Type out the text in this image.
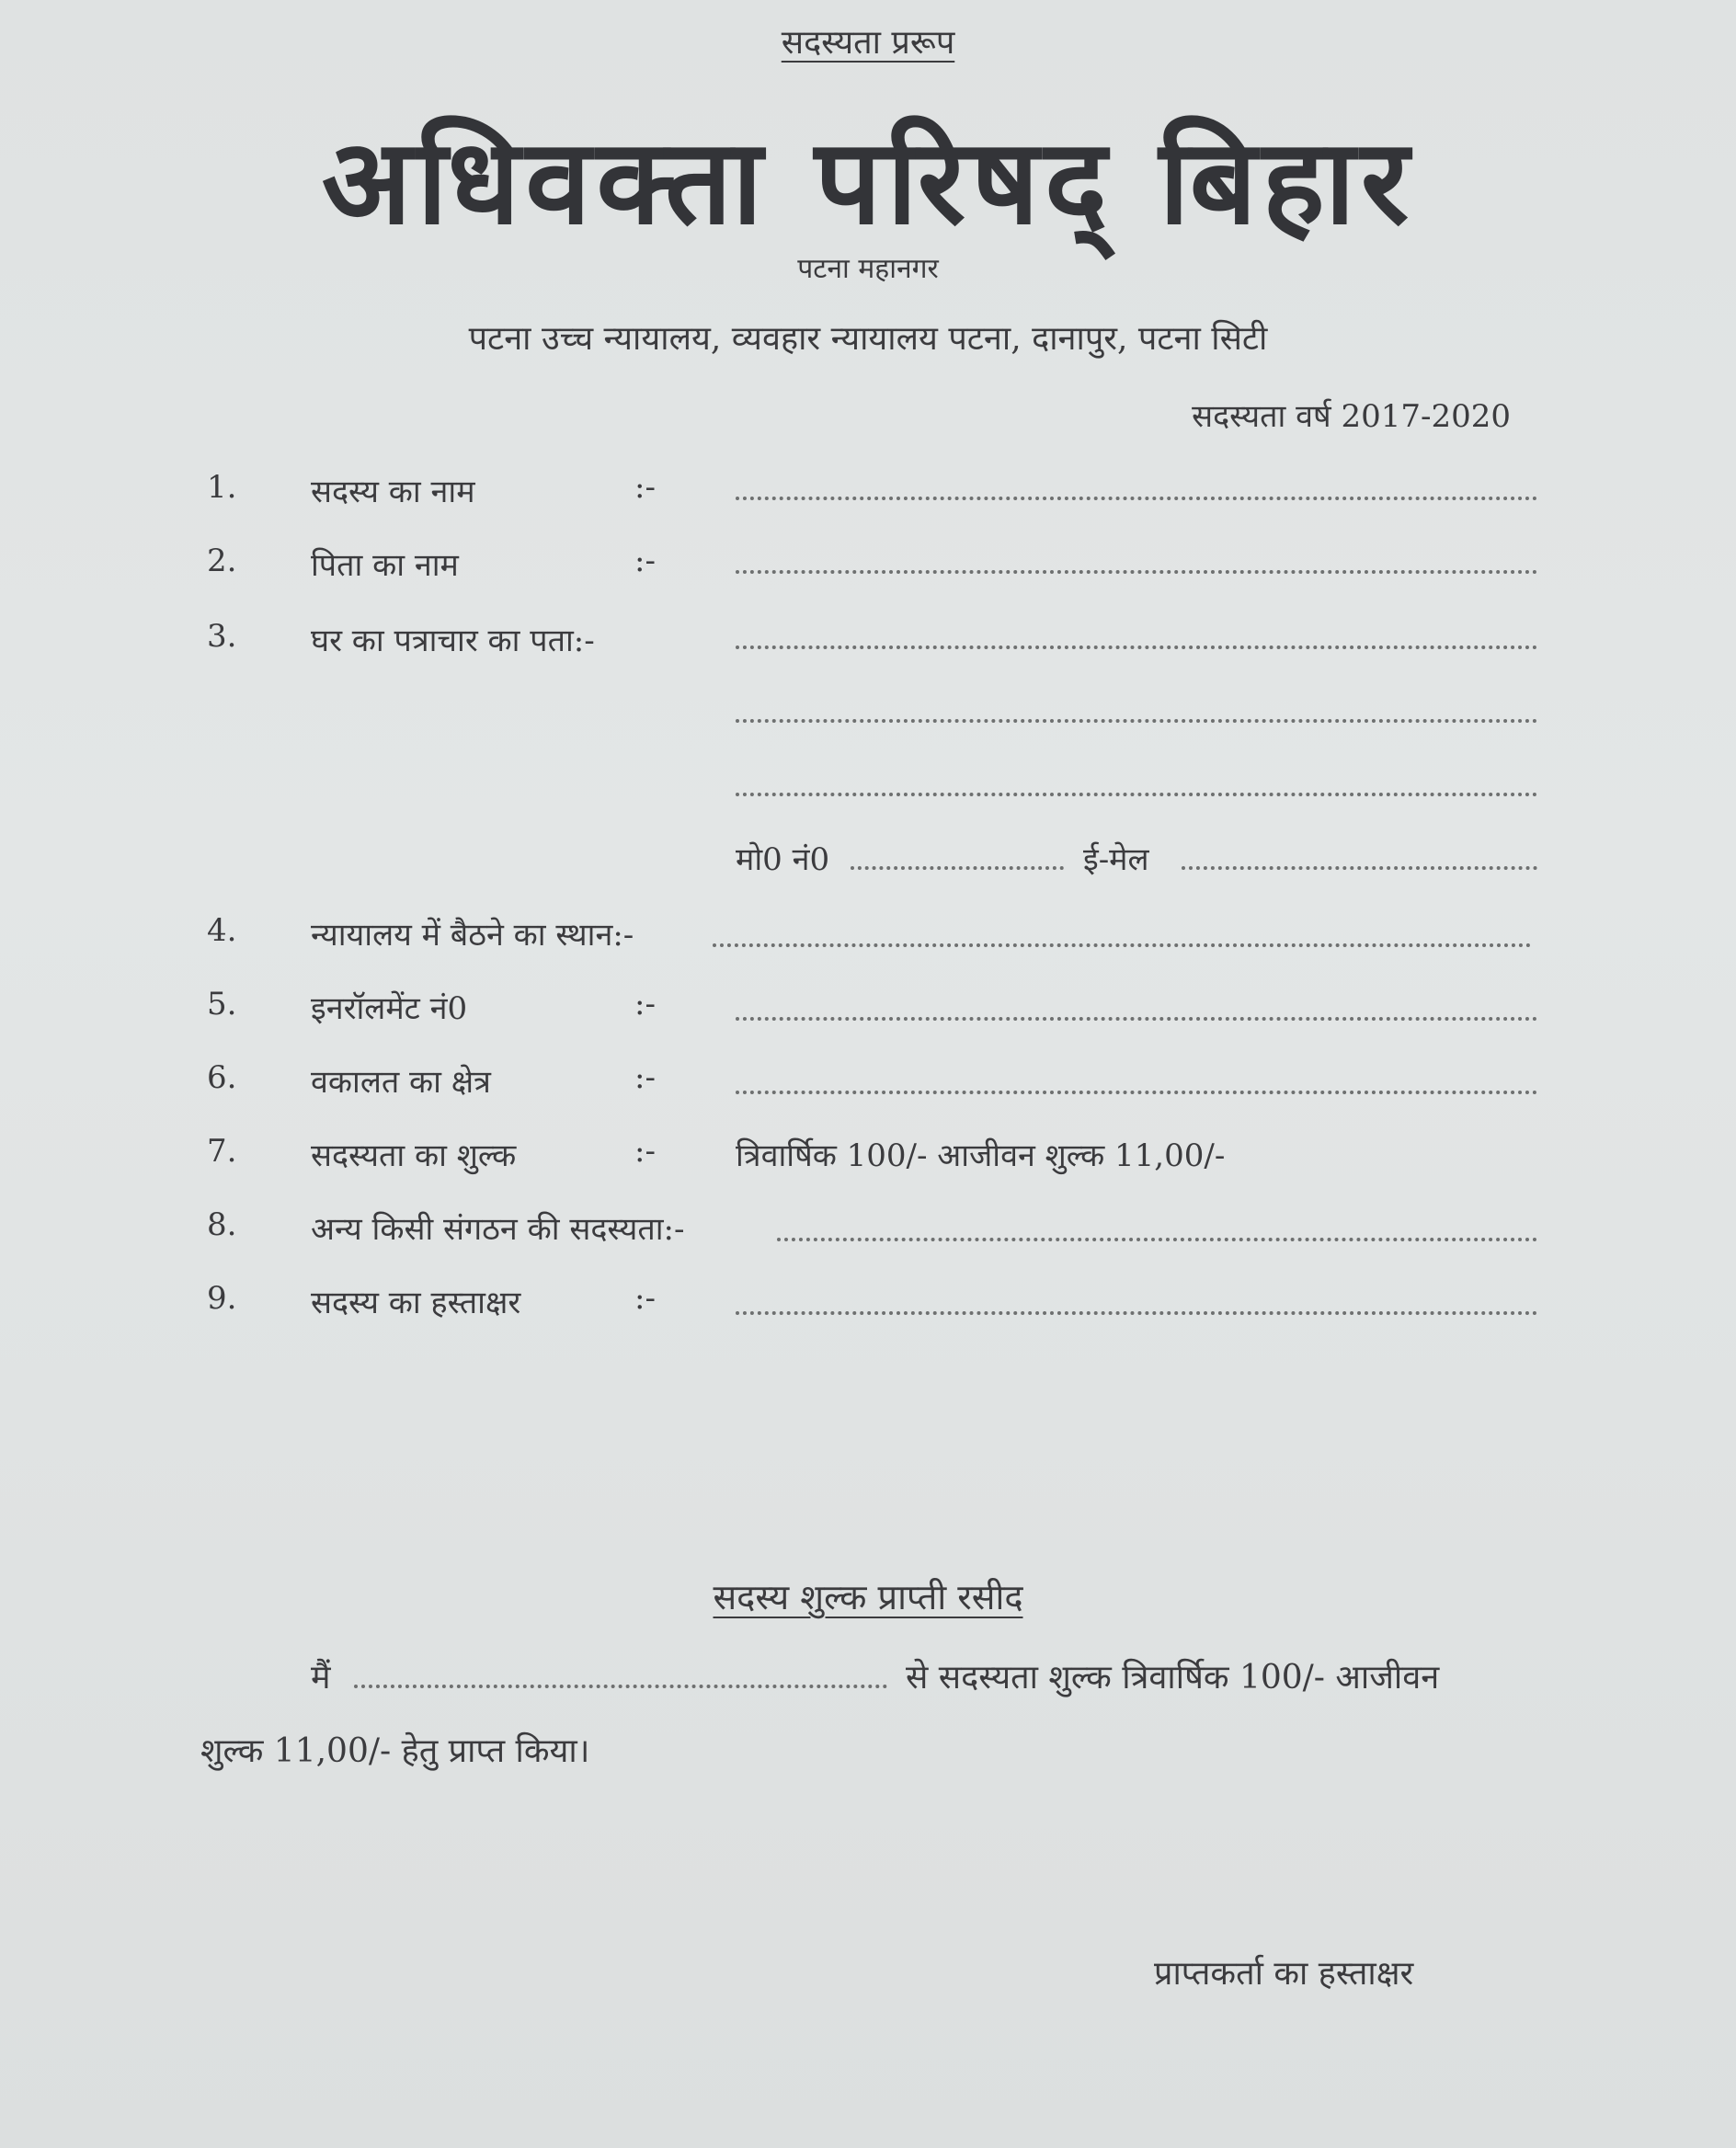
सदस्यता प्ररूप
अधिवक्ता परिषद् बिहार
पटना महानगर
पटना उच्च न्यायालय, व्यवहार न्यायालय पटना, दानापुर, पटना सिटी
सदस्यता वर्ष 2017-2020
1. सदस्य का नाम	:-
2. पिता का नाम	:-
3. घर का पत्राचार का पता:-
मो0 नं0	ई-मेल
4. न्यायालय में बैठने का स्थान:-
5. इनरॉलमेंट नं0	:-
6. वकालत का क्षेत्र	:-
7. सदस्यता का शुल्क	:-	त्रिवार्षिक 100/- आजीवन शुल्क 11,00/-
8. अन्य किसी संगठन की सदस्यता:-
9. सदस्य का हस्ताक्षर	:-
सदस्य शुल्क प्राप्ती रसीद
मैं	से सदस्यता शुल्क त्रिवार्षिक 100/- आजीवन
शुल्क 11,00/- हेतु प्राप्त किया।
प्राप्तकर्ता का हस्ताक्षर
